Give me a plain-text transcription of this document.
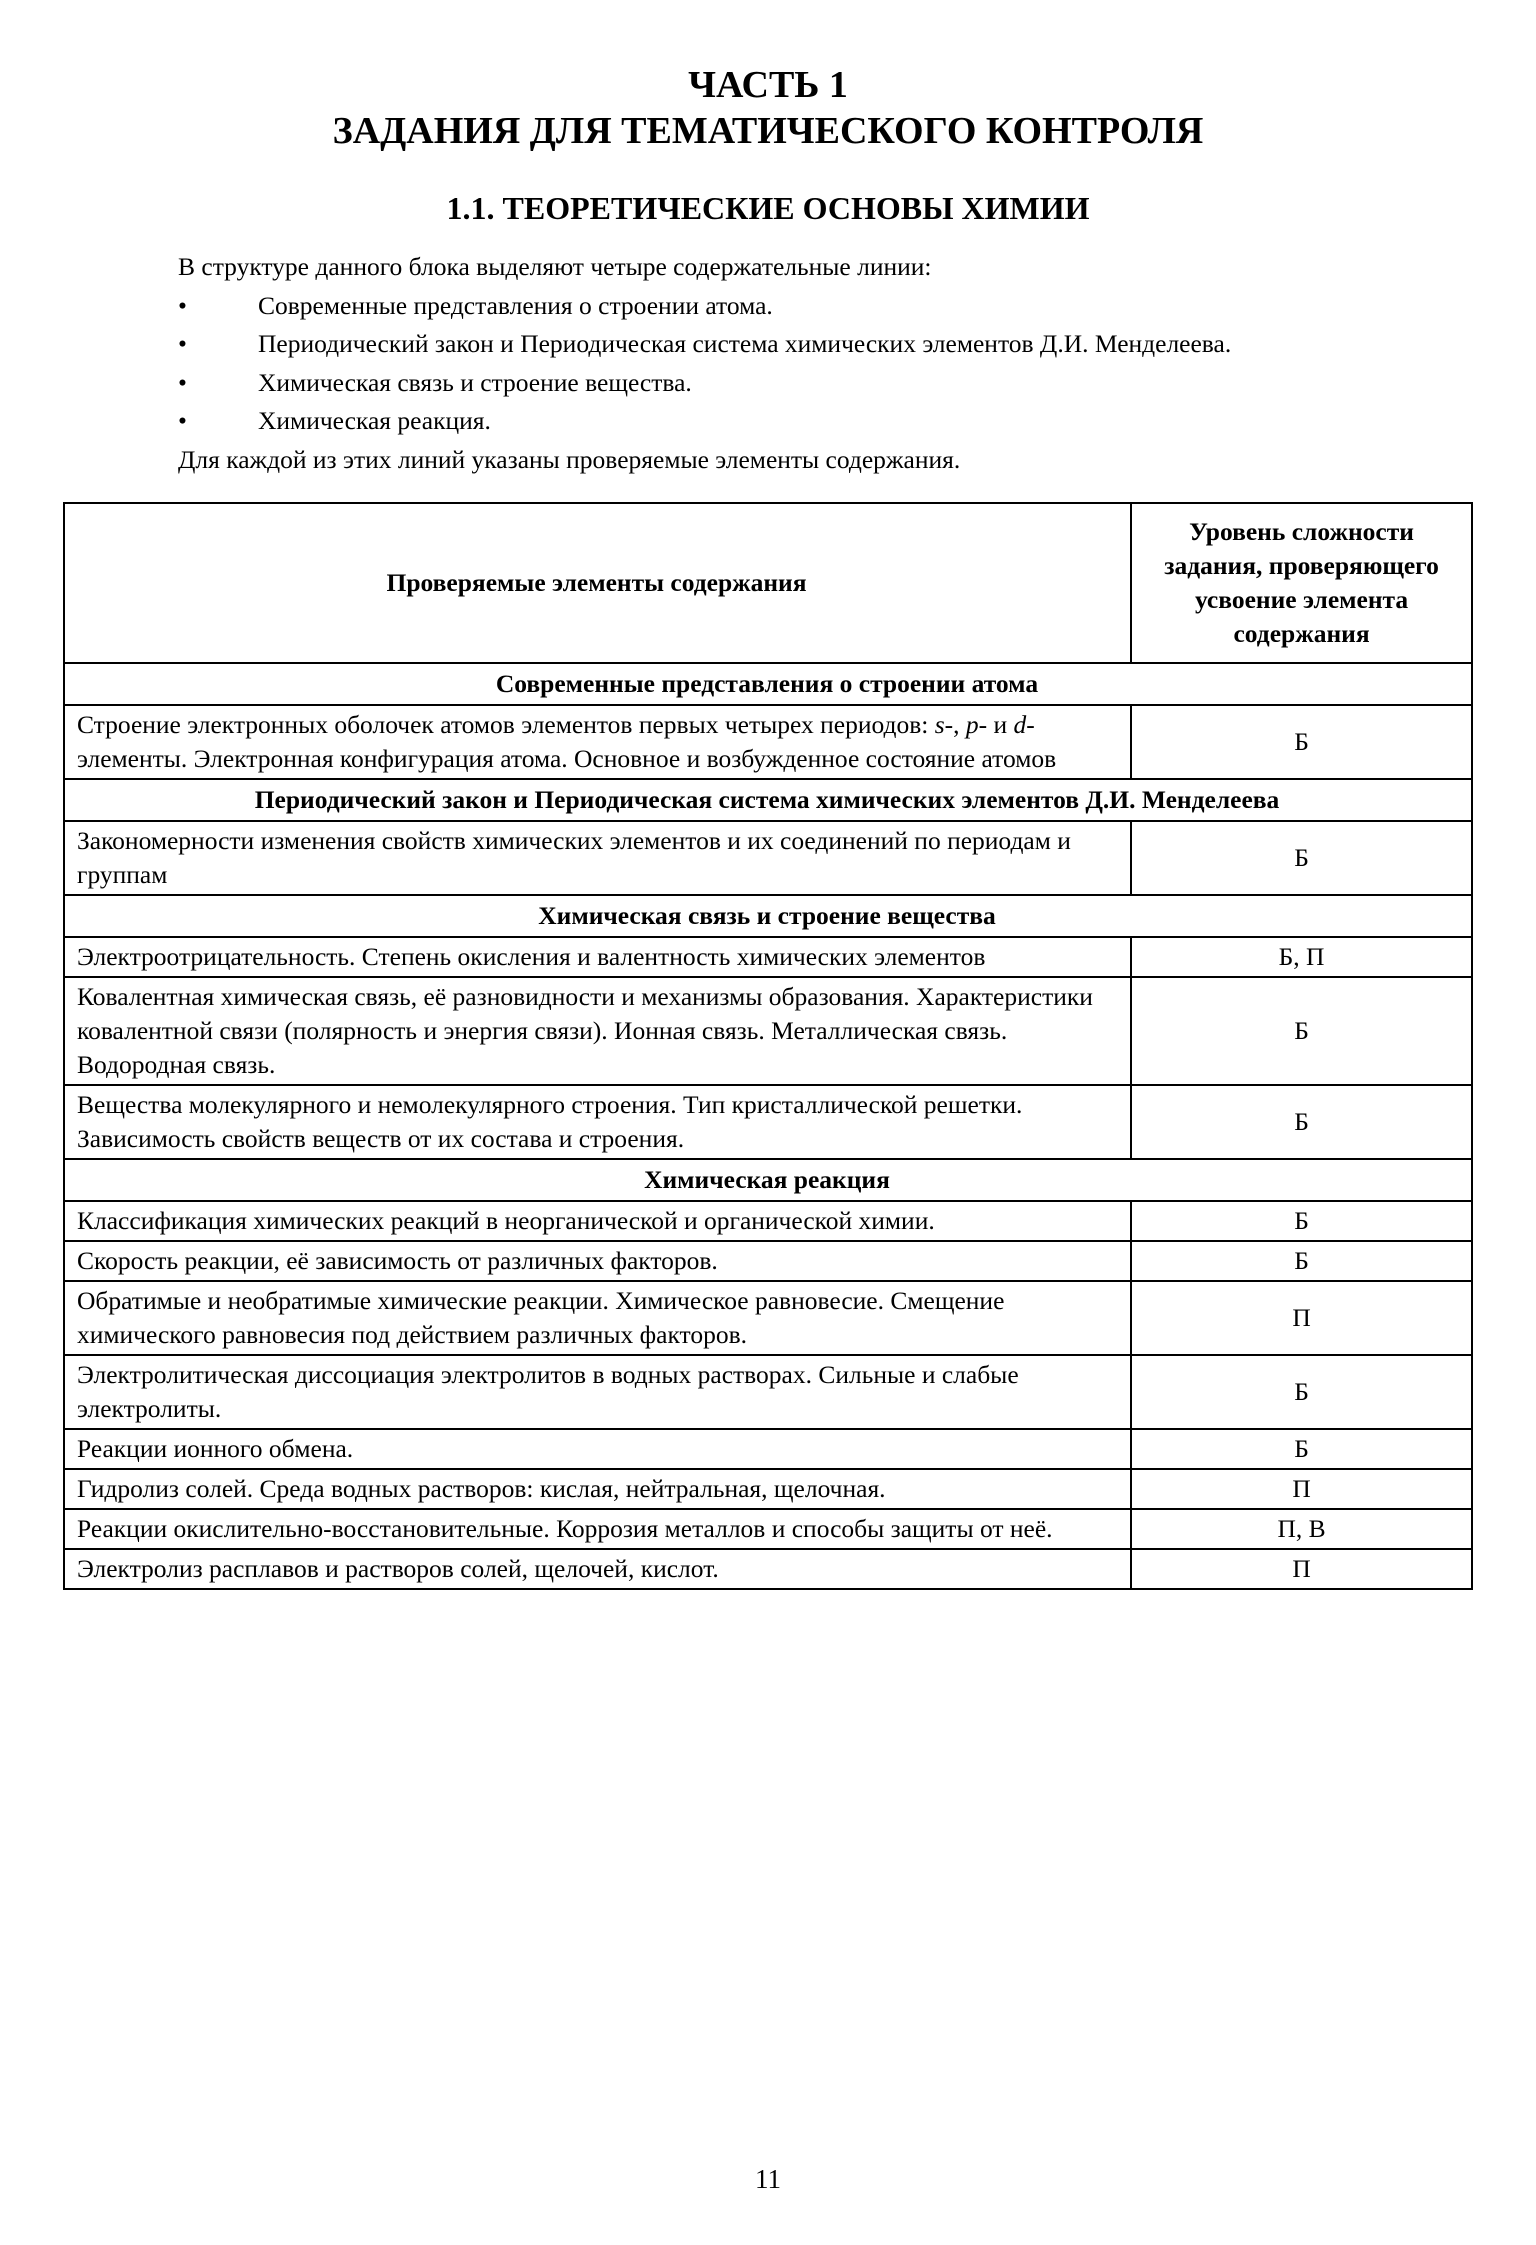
ЧАСТЬ 1
ЗАДАНИЯ ДЛЯ ТЕМАТИЧЕСКОГО КОНТРОЛЯ
1.1. ТЕОРЕТИЧЕСКИЕ ОСНОВЫ ХИМИИ

В структуре данного блока выделяют четыре содержательные линии:

•	Современные представления о строении атома.
•	Периодический закон и Периодическая система химических элементов Д.И. Менделеева.
•	Химическая связь и строение вещества.
•	Химическая реакция.

Для каждой из этих линий указаны проверяемые элементы содержания.

Проверяемые элементы содержания	Уровень сложности задания, проверяющего усвоение элемента содержания
Современные представления о строении атома	
Строение электронных оболочек атомов элементов первых четырех периодов: s-, p- и d-элементы. Электронная конфигурация атома. Основное и возбужденное состояние атомов	Б
Периодический закон и Периодическая система химических элементов Д.И. Менделеева	
Закономерности изменения свойств химических элементов и их соединений по периодам и группам	Б
Химическая связь и строение вещества	
Электроотрицательность. Степень окисления и валентность химических элементов	Б, П
Ковалентная химическая связь, её разновидности и механизмы образования. Характеристики ковалентной связи (полярность и энергия связи). Ионная связь. Металлическая связь. Водородная связь.	Б
Вещества молекулярного и немолекулярного строения. Тип кристаллической решетки. Зависимость свойств веществ от их состава и строения.	Б
Химическая реакция	
Классификация химических реакций в неорганической и органической химии.	Б
Скорость реакции, её зависимость от различных факторов.	Б
Обратимые и необратимые химические реакции. Химическое равновесие. Смещение химического равновесия под действием различных факторов.	П
Электролитическая диссоциация электролитов в водных растворах. Сильные и слабые электролиты.	Б
Реакции ионного обмена.	Б
Гидролиз солей. Среда водных растворов: кислая, нейтральная, щелочная.	П
Реакции окислительно-восстановительные. Коррозия металлов и способы защиты от неё.	П, В
Электролиз расплавов и растворов солей, щелочей, кислот.	П
11
